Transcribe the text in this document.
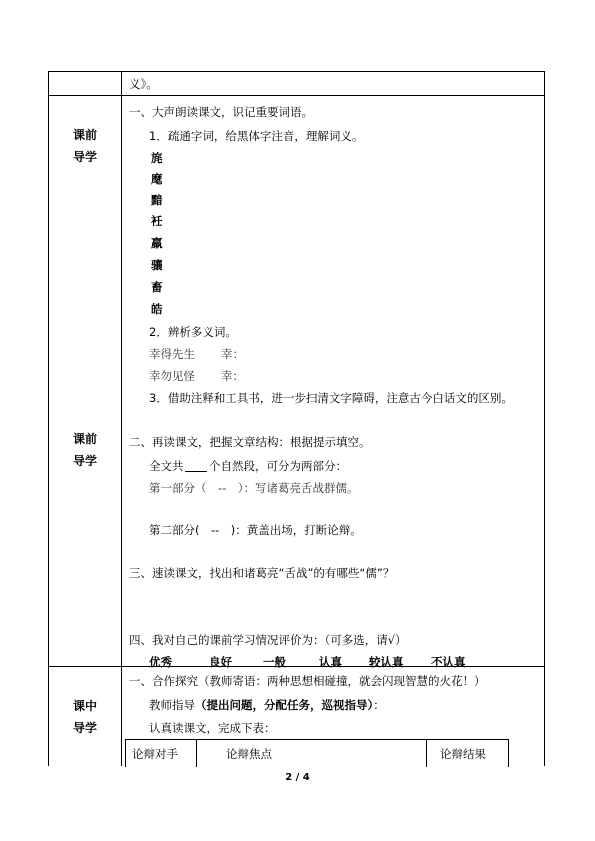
义》。
课前
导学
一、大声朗读课文，识记重要词语。
1．疏通字词，给黑体字注音，理解词义。
旄
麾
黯
衽
羸
骧
畜
皓
2．辨析多义词。
幸得先生 幸：
幸勿见怪 幸：
3．借助注释和工具书，进一步扫清文字障碍，注意古今白话文的区别。
课前
导学
二、再读课文，把握文章结构：根据提示填空。
全文共 个自然段，可分为两部分：
第一部分（　--　）：写诸葛亮舌战群儒。
第二部分(　--　)：黄盖出场，打断论辩。
三、速读课文，找出和诸葛亮“舌战”的有哪些“儒”？
四、我对自己的课前学习情况评价为：（可多选，请√）
优秀	良好	一般	认真 较认真 不认真
课中
导学
一、合作探究（教师寄语：两种思想相碰撞，就会闪现智慧的火花！）
教师指导（提出问题，分配任务，巡视指导）：
认真读课文，完成下表：
论辩对手	论辩焦点	论辩结果
2 / 4
